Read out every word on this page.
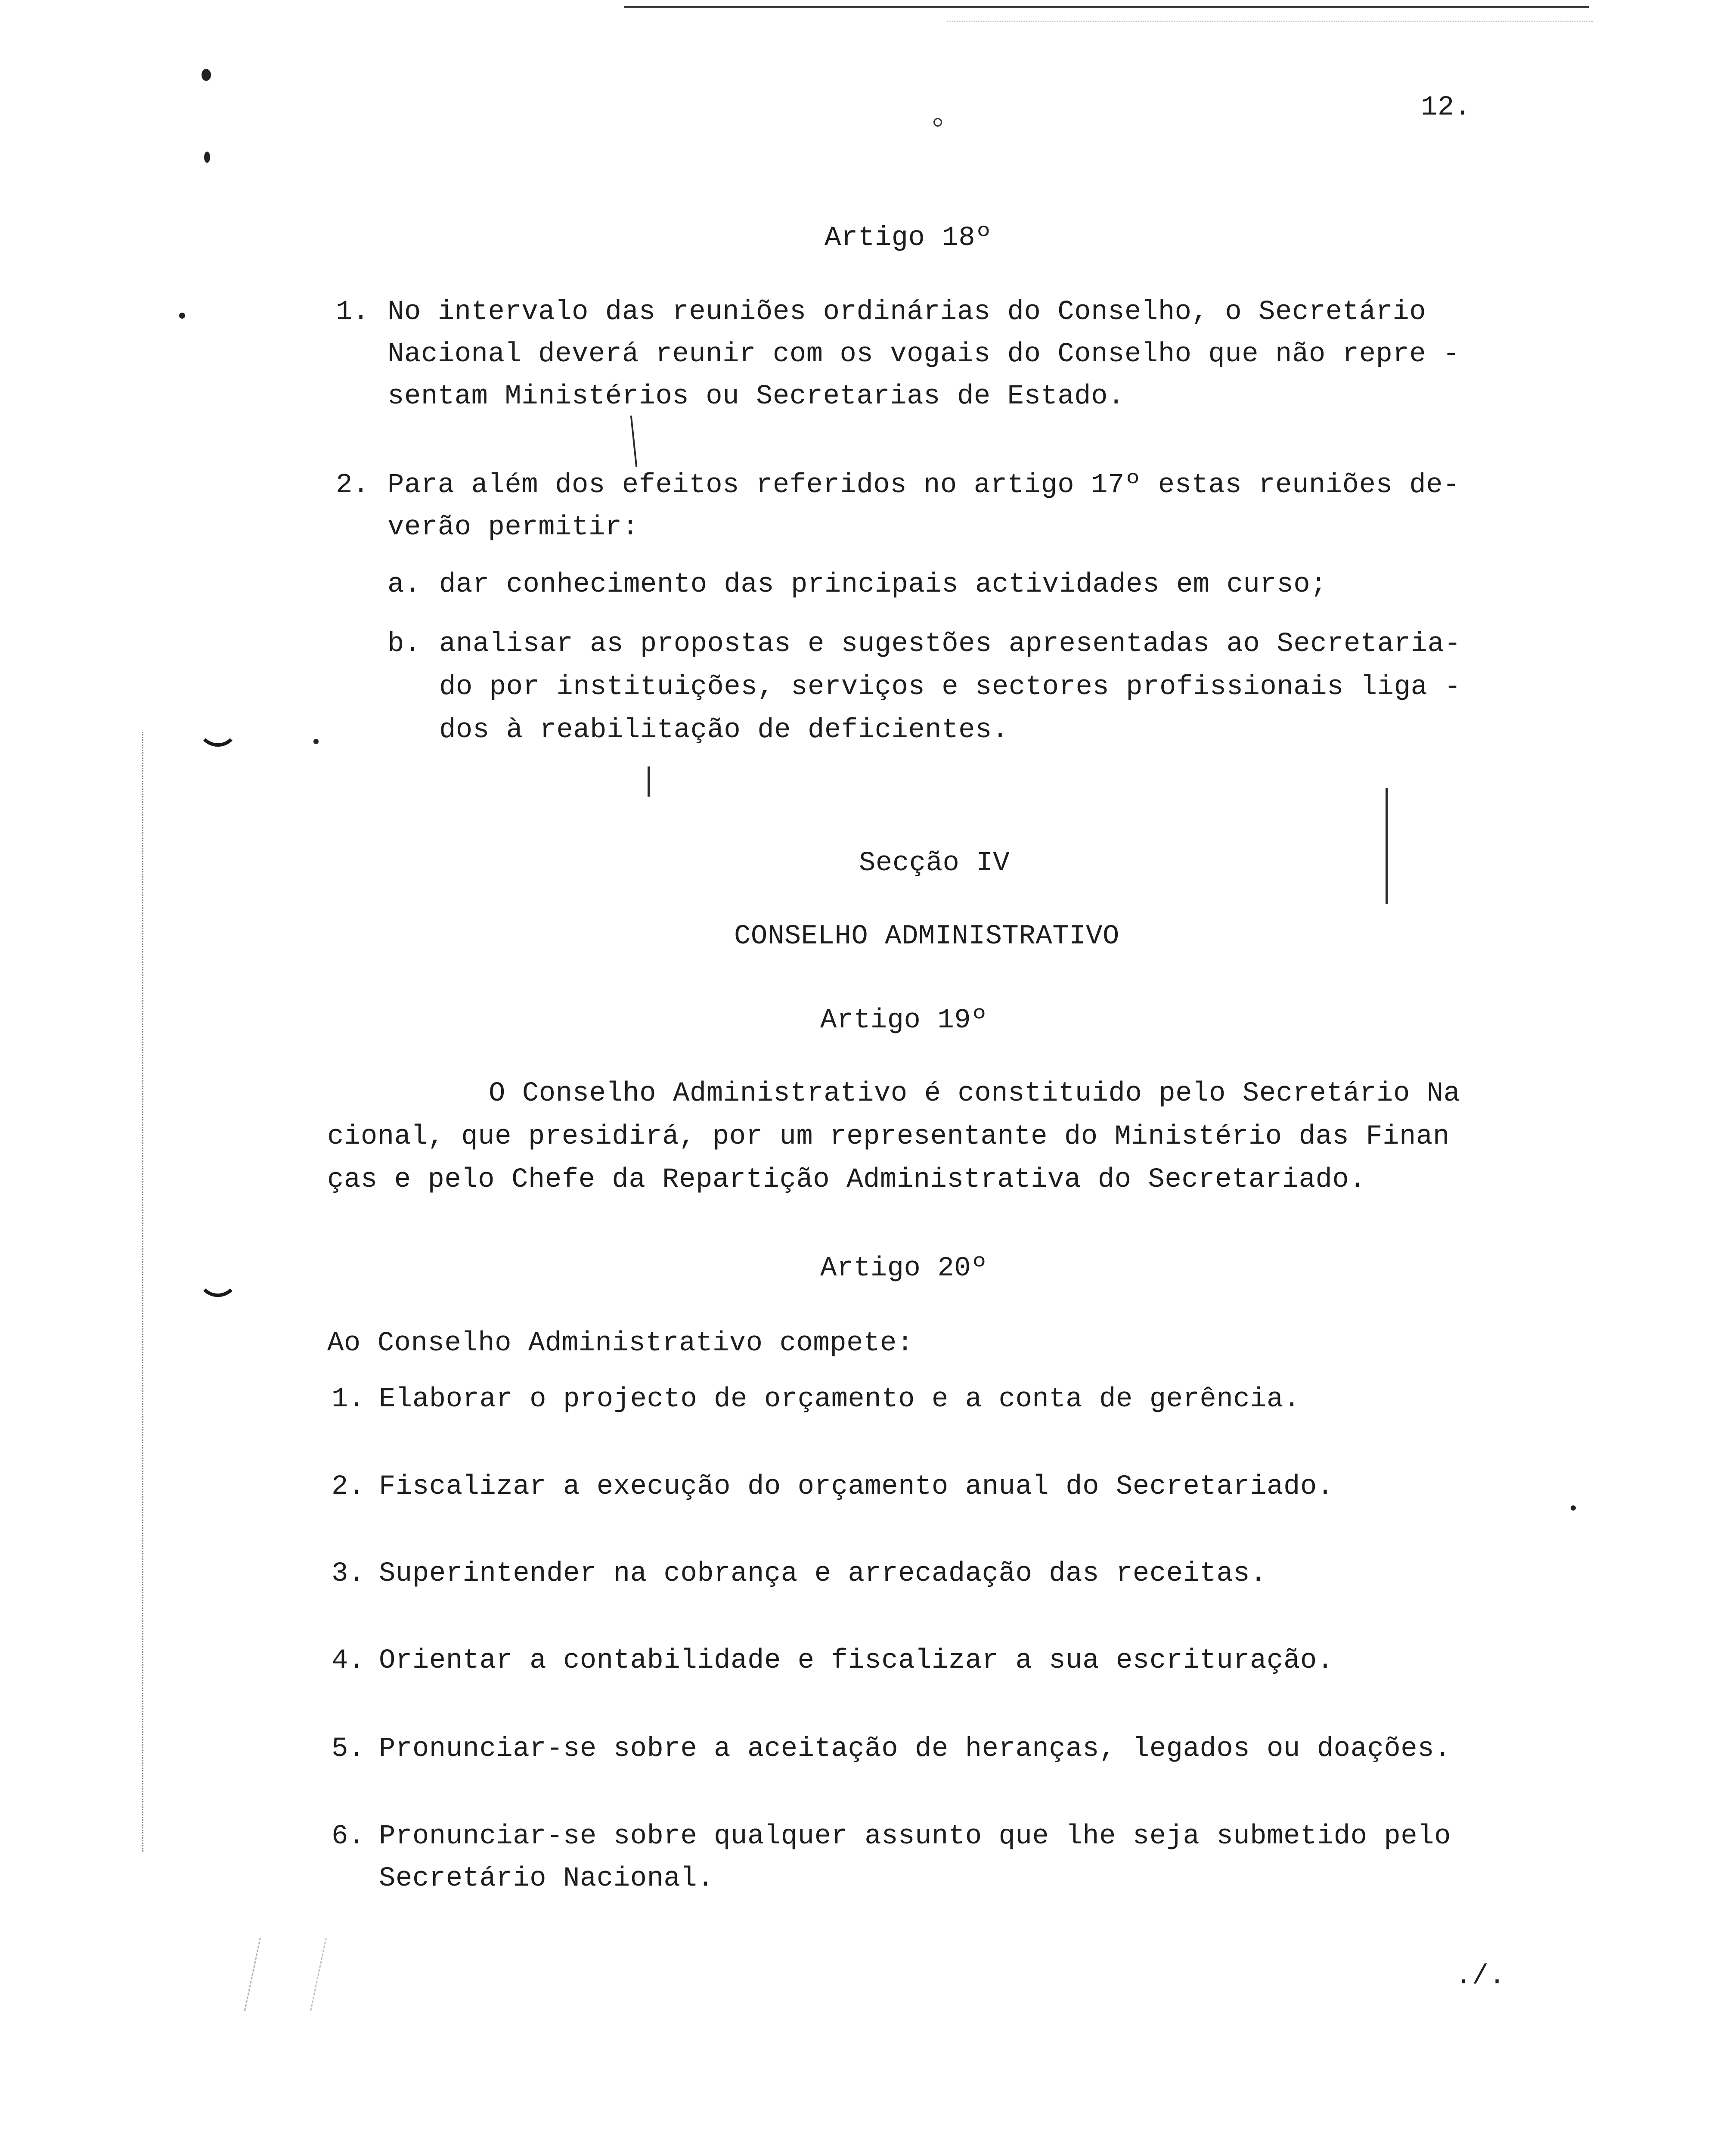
12.
Artigo 18º
1. No intervalo das reuniões ordinárias do Conselho, o Secretário
Nacional deverá reunir com os vogais do Conselho que não repre -
sentam Ministérios ou Secretarias de Estado.
2. Para além dos efeitos referidos no artigo 17º estas reuniões de-
verão permitir:
a. dar conhecimento das principais actividades em curso;
b. analisar as propostas e sugestões apresentadas ao Secretaria-
do por instituições, serviços e sectores profissionais liga -
dos à reabilitação de deficientes.
Secção IV
CONSELHO ADMINISTRATIVO
Artigo 19º
O Conselho Administrativo é constituido pelo Secretário Na
cional, que presidirá, por um representante do Ministério das Finan
ças e pelo Chefe da Repartição Administrativa do Secretariado.
Artigo 20º
Ao Conselho Administrativo compete:
1. Elaborar o projecto de orçamento e a conta de gerência.
2. Fiscalizar a execução do orçamento anual do Secretariado.
3. Superintender na cobrança e arrecadação das receitas.
4. Orientar a contabilidade e fiscalizar a sua escrituração.
5. Pronunciar-se sobre a aceitação de heranças, legados ou doações.
6. Pronunciar-se sobre qualquer assunto que lhe seja submetido pelo
Secretário Nacional.
./.
